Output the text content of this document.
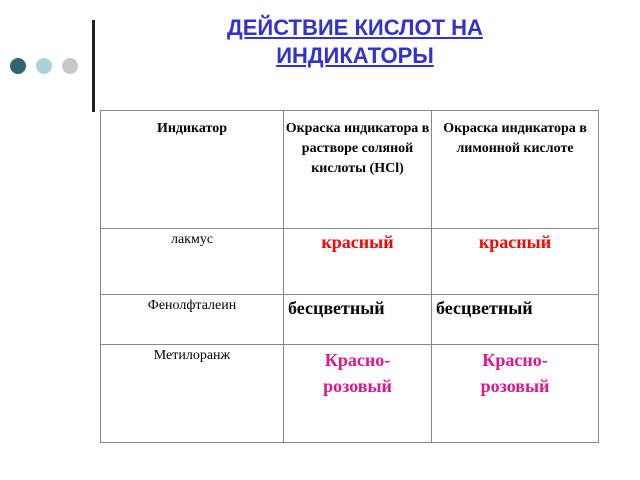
ДЕЙСТВИЕ КИСЛОТ НА
ИНДИКАТОРЫ
Индикатор	Окраска индикатора в растворе соляной кислоты (HCl)	Окраска индикатора в лимонной кислоте
лакмус	красный	красный
Фенолфталеин	бесцветный	бесцветный
Метилоранж	Красно-розовый	Красно-розовый
